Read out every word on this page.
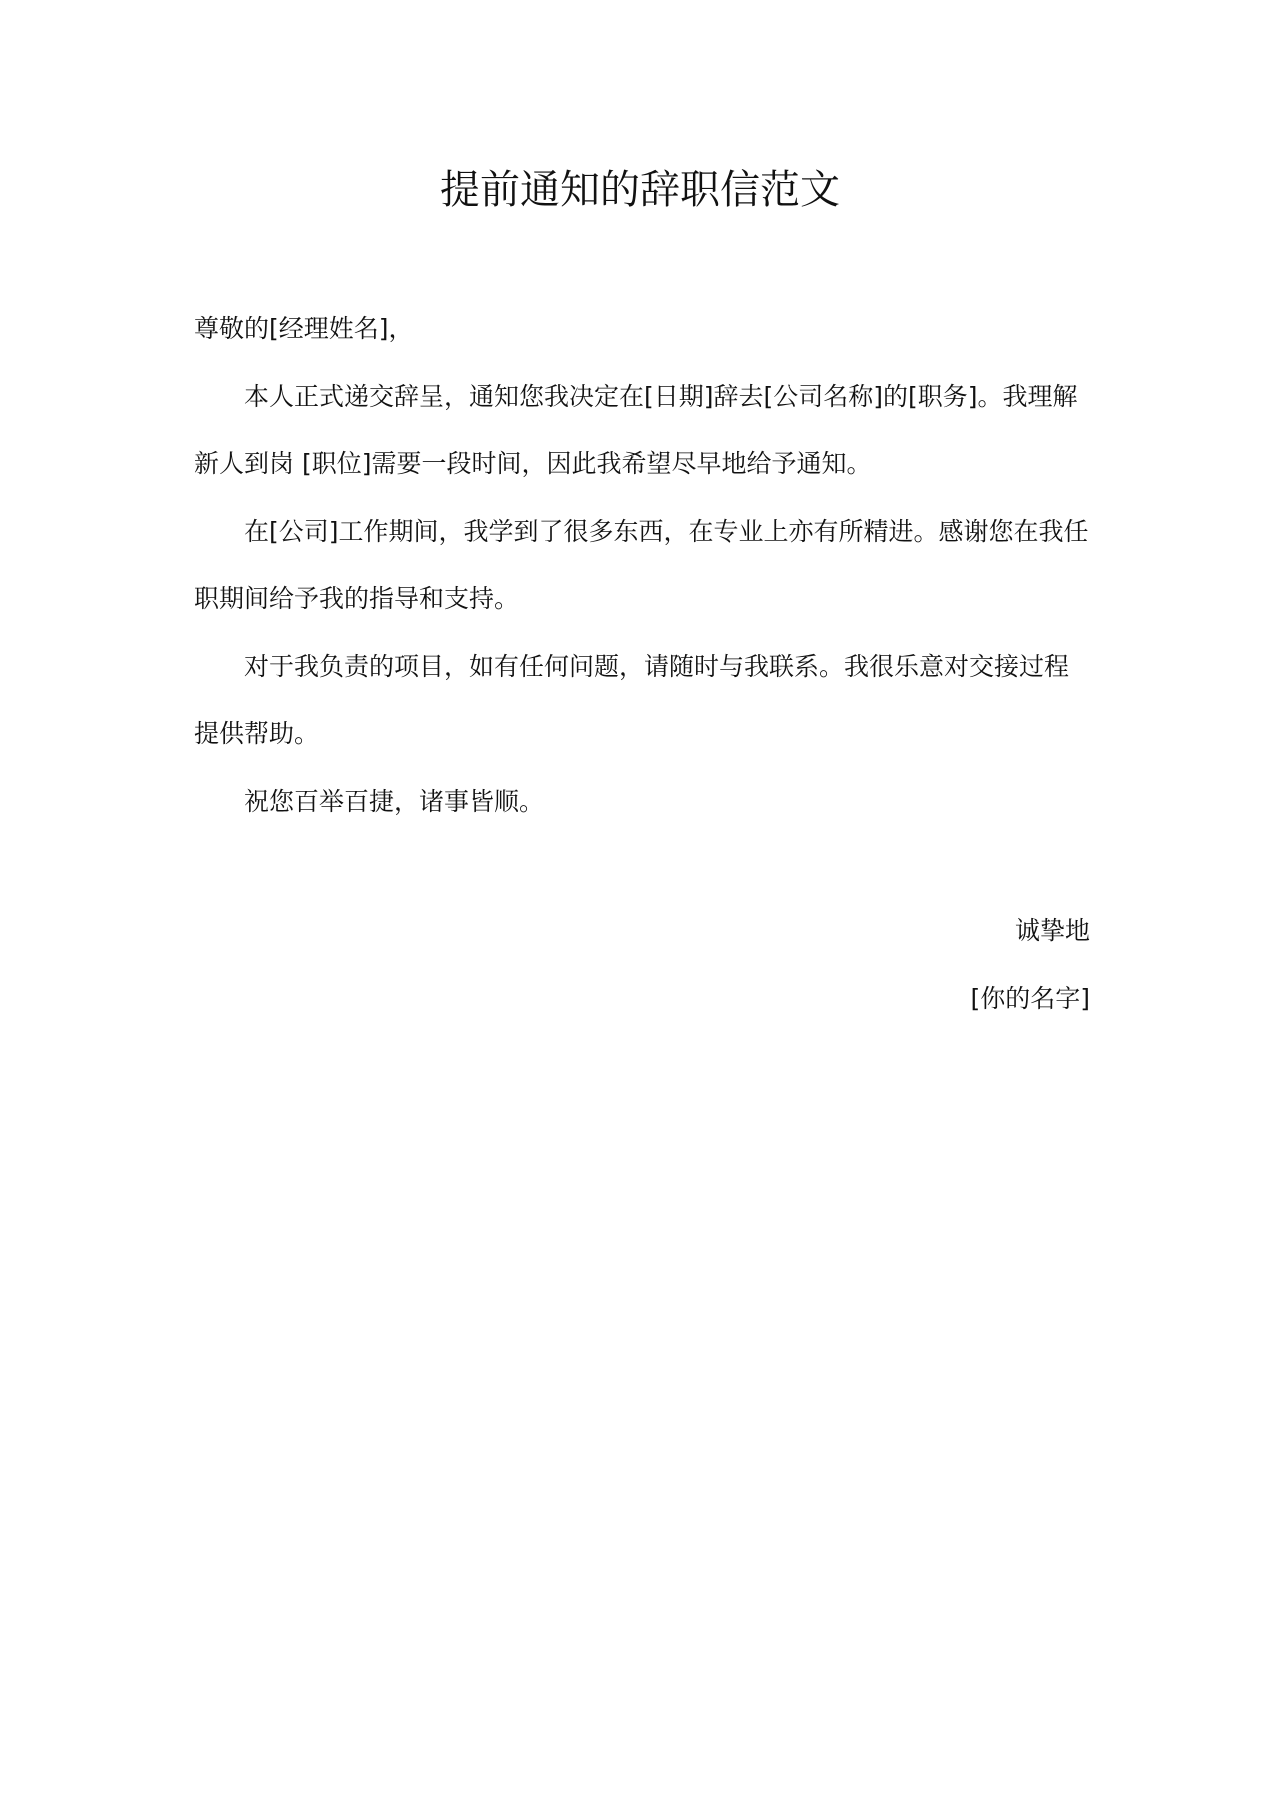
提前通知的辞职信范文

尊敬的[经理姓名]，

本人正式递交辞呈，通知您我决定在[日期]辞去[公司名称]的[职务]。我理解新人到岗 [职位]需要一段时间，因此我希望尽早地给予通知。

在[公司]工作期间，我学到了很多东西，在专业上亦有所精进。感谢您在我任职期间给予我的指导和支持。

对于我负责的项目，如有任何问题，请随时与我联系。我很乐意对交接过程提供帮助。

祝您百举百捷，诸事皆顺。

诚挚地

[你的名字]
